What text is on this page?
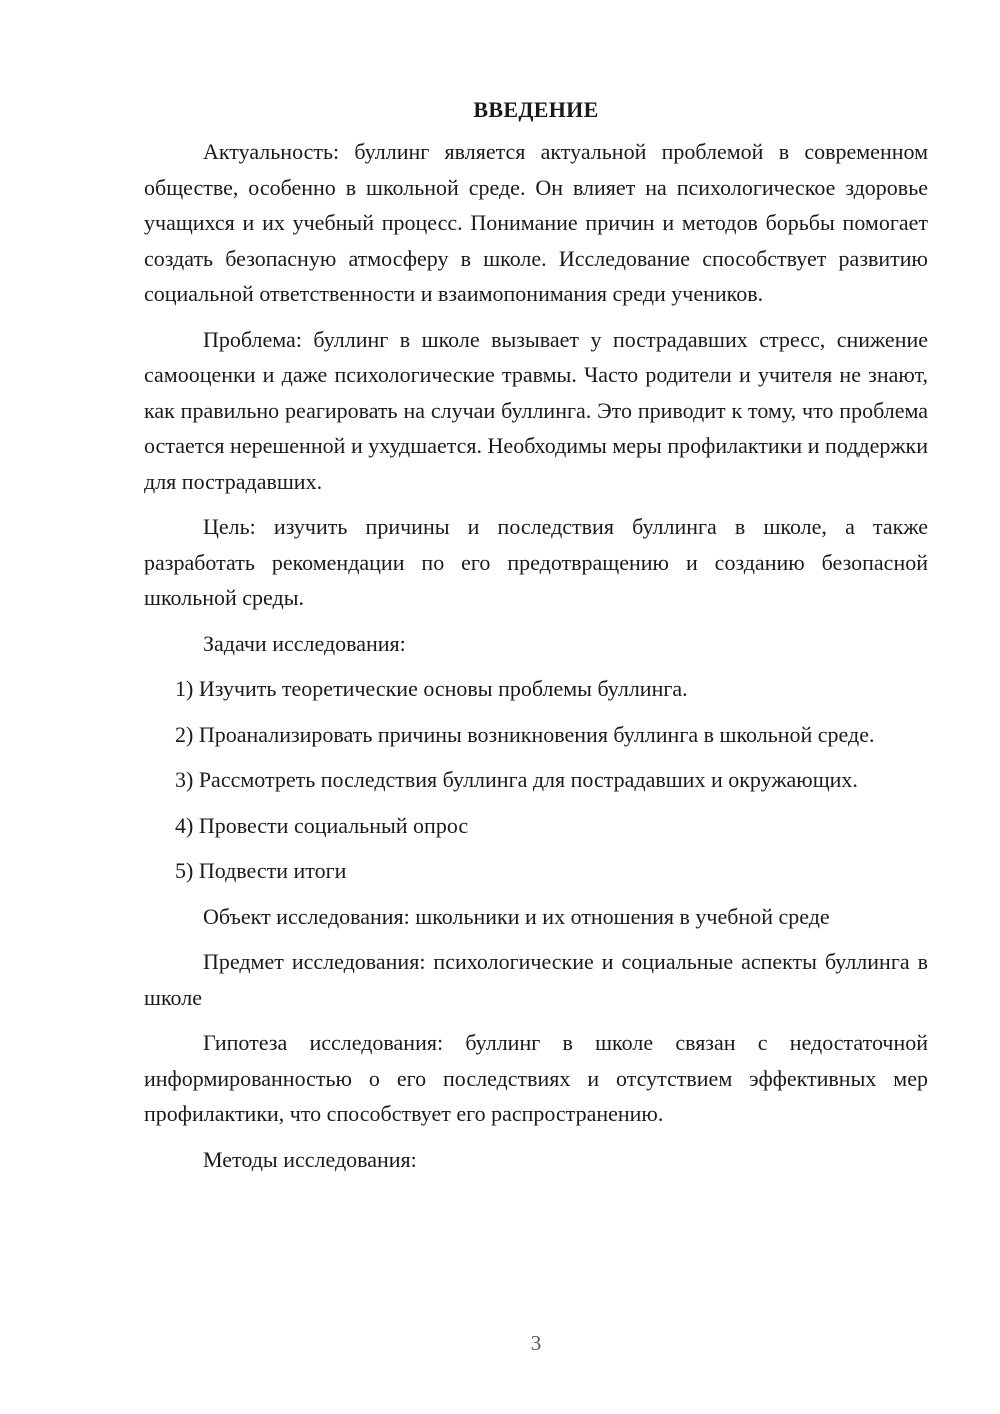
ВВЕДЕНИЕ

Актуальность: буллинг является актуальной проблемой в современном обществе, особенно в школьной среде. Он влияет на психологическое здоровье учащихся и их учебный процесс. Понимание причин и методов борьбы помогает создать безопасную атмосферу в школе. Исследование способствует развитию социальной ответственности и взаимопонимания среди учеников.

Проблема: буллинг в школе вызывает у пострадавших стресс, снижение самооценки и даже психологические травмы. Часто родители и учителя не знают, как правильно реагировать на случаи буллинга. Это приводит к тому, что проблема остается нерешенной и ухудшается. Необходимы меры профилактики и поддержки для пострадавших.

Цель: изучить причины и последствия буллинга в школе, а также разработать рекомендации по его предотвращению и созданию безопасной школьной среды.

Задачи исследования:

1) Изучить теоретические основы проблемы буллинга.

2) Проанализировать причины возникновения буллинга в школьной среде.

3) Рассмотреть последствия буллинга для пострадавших и окружающих.

4) Провести социальный опрос

5) Подвести итоги

Объект исследования: школьники и их отношения в учебной среде

Предмет исследования: психологические и социальные аспекты буллинга в школе

Гипотеза исследования: буллинг в школе связан с недостаточной информированностью о его последствиях и отсутствием эффективных мер профилактики, что способствует его распространению.

Методы исследования:

3
